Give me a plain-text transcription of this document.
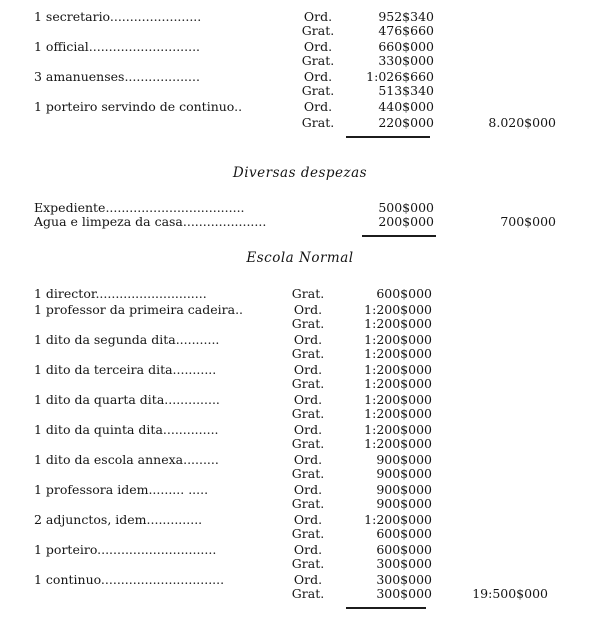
1 secretario.......................	Ord.	952$340
Grat.	476$660
1 official............................	Ord.	660$000
Grat.	330$000
3 amanuenses...................	Ord.	1:026$660
Grat.	513$340
1 porteiro servindo de continuo..	Ord.	440$000
Grat.	220$000	8.020$000
Diversas despezas
Expediente...................................	500$000
Agua e limpeza da casa.....................	200$000	700$000
Escola Normal
1 director............................	Grat.	600$000
1 professor da primeira cadeira..	Ord.	1:200$000
Grat.	1:200$000
1 dito da segunda dita...........	Ord.	1:200$000
Grat.	1:200$000
1 dito da terceira dita...........	Ord.	1:200$000
Grat.	1:200$000
1 dito da quarta dita..............	Ord.	1:200$000
Grat.	1:200$000
1 dito da quinta dita..............	Ord.	1:200$000
Grat.	1:200$000
1 dito da escola annexa.........	Ord.	900$000
Grat.	900$000
1 professora idem......... .....	Ord.	900$000
Grat.	900$000
2 adjunctos, idem..............	Ord.	1:200$000
Grat.	600$000
1 porteiro..............................	Ord.	600$000
Grat.	300$000
1 continuo...............................	Ord.	300$000
Grat.	300$000	19:500$000
